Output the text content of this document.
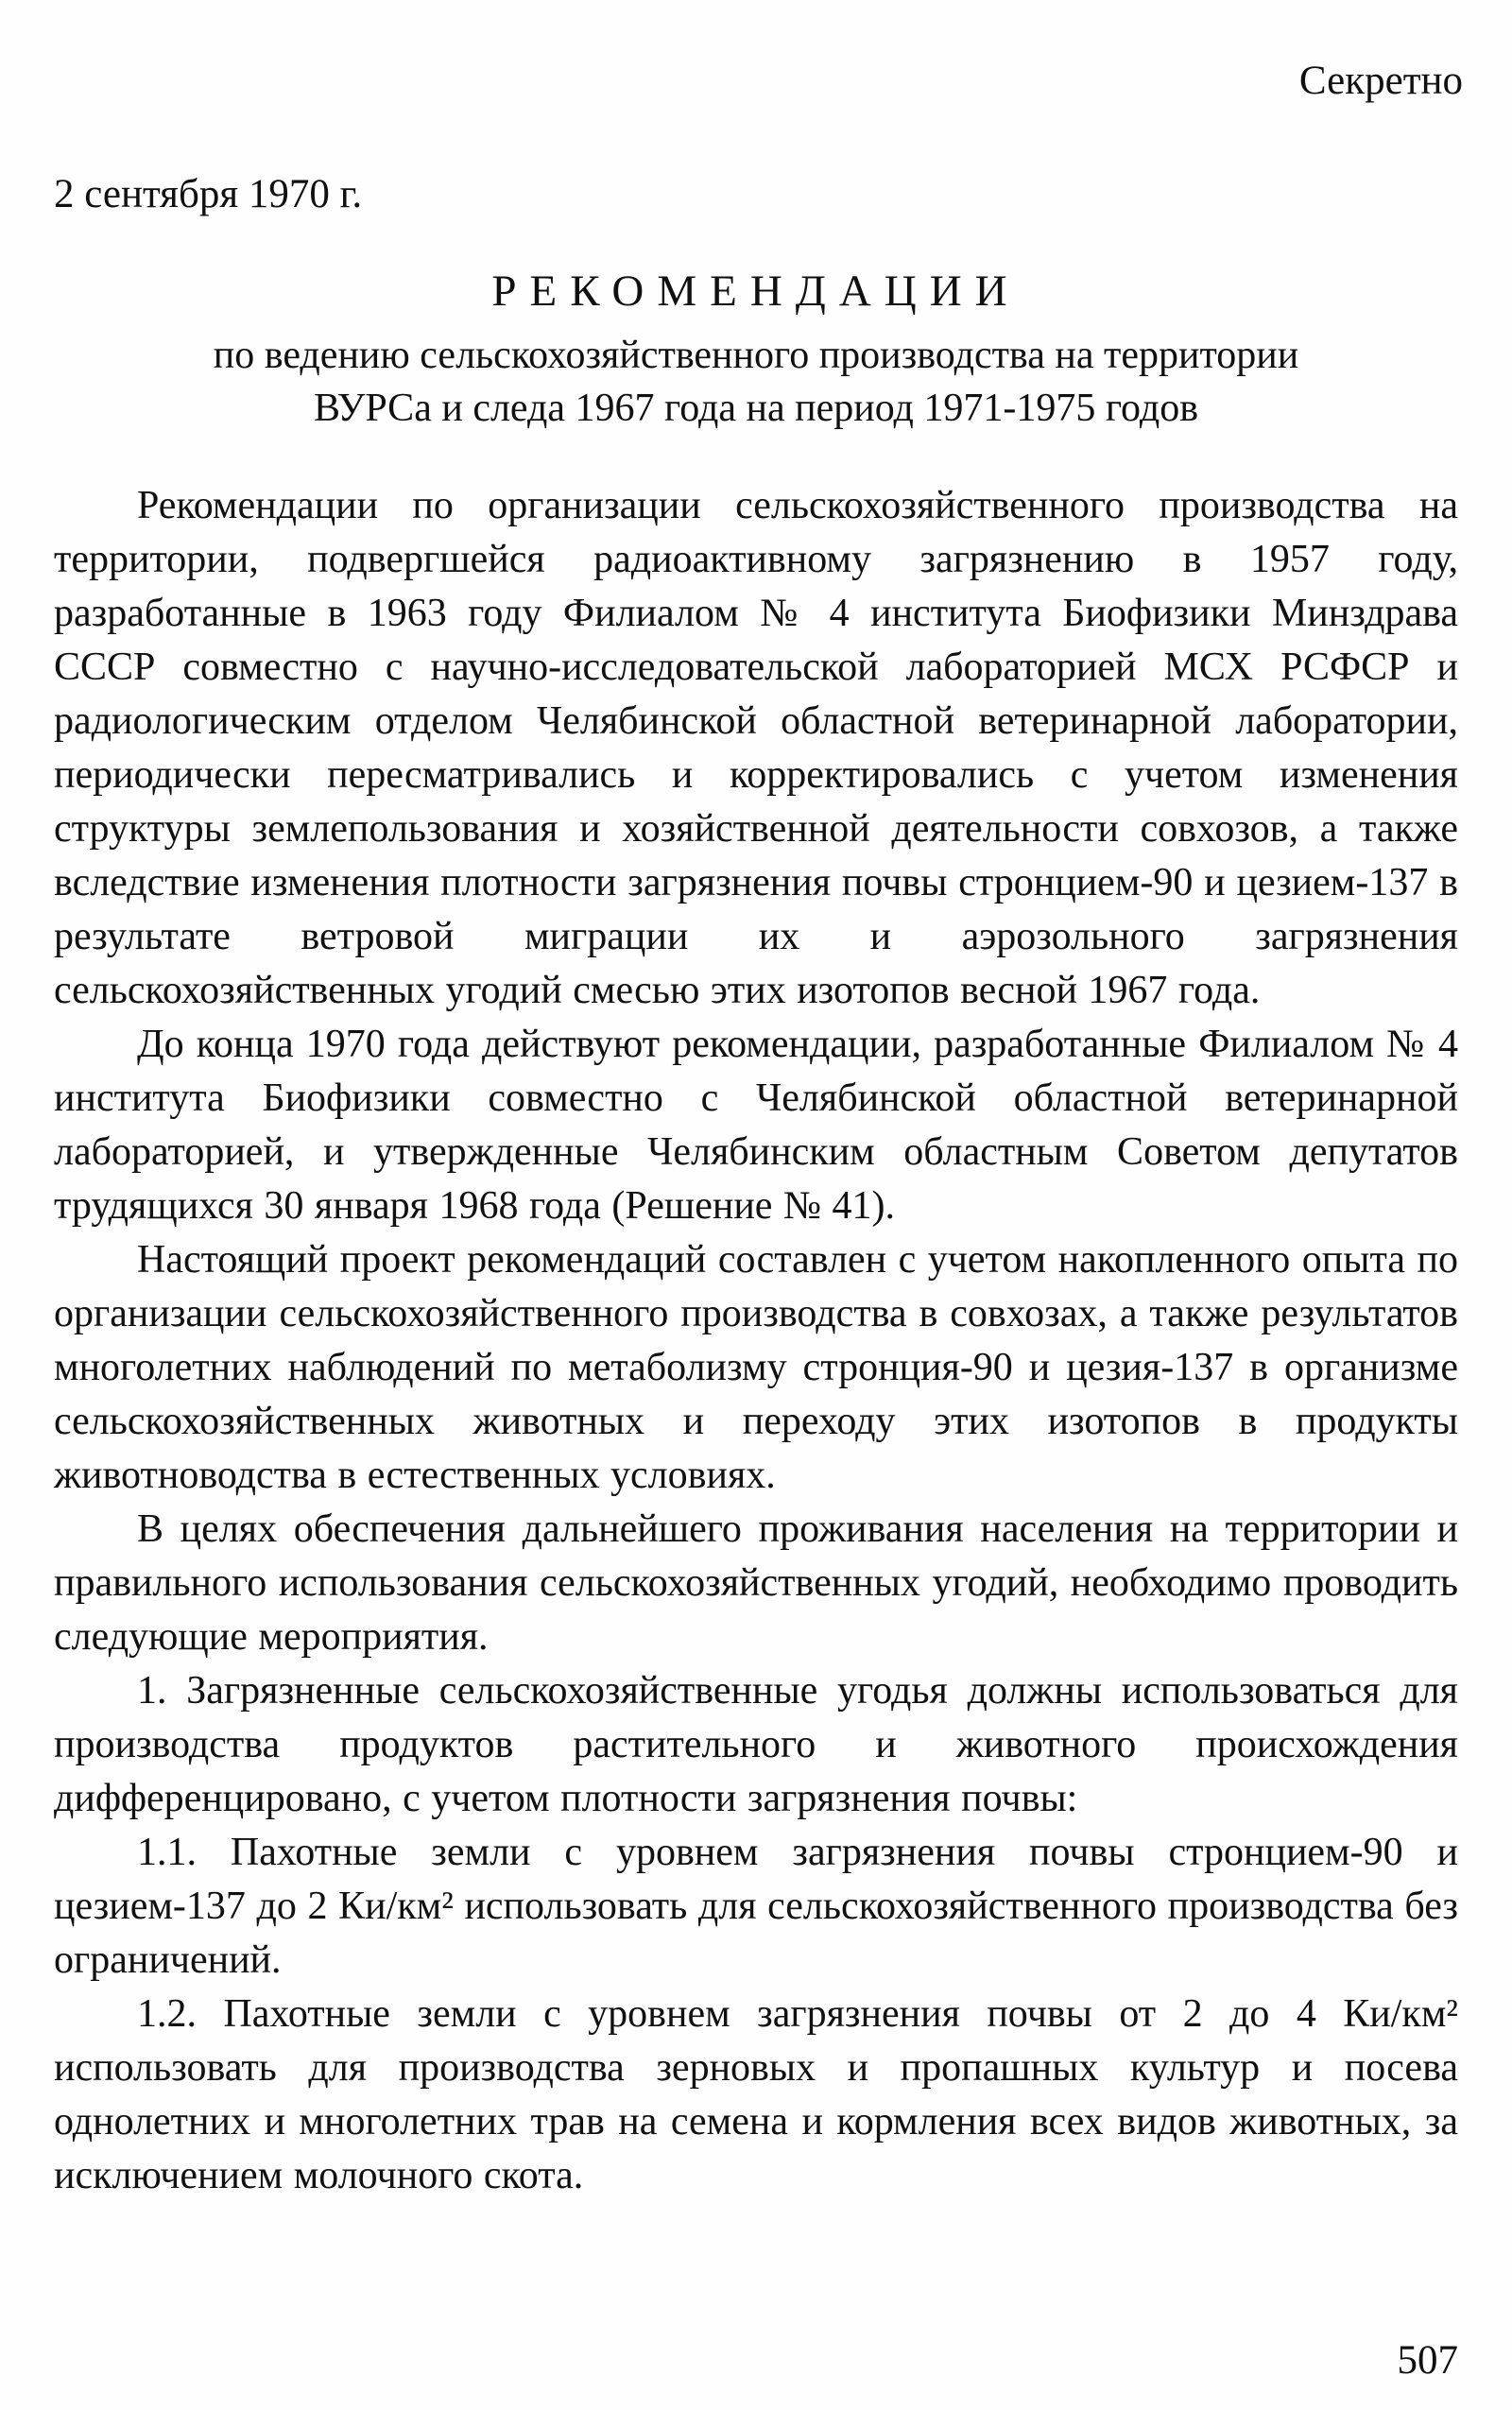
Секретно
2 сентября 1970 г.
РЕКОМЕНДАЦИИ
по ведению сельскохозяйственного производства на территории
ВУРСа и следа 1967 года на период 1971-1975 годов

Рекомендации по организации сельскохозяйственного производства на территории, подвергшейся радиоактивному загрязнению в 1957 году, разработанные в 1963 году Филиалом № 4 института Биофизики Минздрава СССР совместно с научно-исследовательской лабораторией МСХ РСФСР и радиологическим отделом Челябинской областной ветеринарной лаборатории, периодически пересматривались и корректировались с учетом изменения структуры землепользования и хозяйственной деятельности совхозов, а также вследствие изменения плотности загрязнения почвы стронцием-90 и цезием-137 в результате ветровой миграции их и аэрозольного загрязнения сельскохозяйственных угодий смесью этих изотопов весной 1967 года.

До конца 1970 года действуют рекомендации, разработанные Филиалом № 4 института Биофизики совместно с Челябинской областной ветеринарной лабораторией, и утвержденные Челябинским областным Советом депутатов трудящихся 30 января 1968 года (Решение № 41).

Настоящий проект рекомендаций составлен с учетом накопленного опыта по организации сельскохозяйственного производства в совхозах, а также результатов многолетних наблюдений по метаболизму стронция-90 и цезия-137 в организме сельскохозяйственных животных и переходу этих изотопов в продукты животноводства в естественных условиях.

В целях обеспечения дальнейшего проживания населения на территории и правильного использования сельскохозяйственных угодий, необходимо проводить следующие мероприятия.

1. Загрязненные сельскохозяйственные угодья должны использоваться для производства продуктов растительного и животного происхождения дифференцировано, с учетом плотности загрязнения почвы:

1.1. Пахотные земли с уровнем загрязнения почвы стронцием-90 и цезием-137 до 2 Ки/км² использовать для сельскохозяйственного производства без ограничений.

1.2. Пахотные земли с уровнем загрязнения почвы от 2 до 4 Ки/км² использовать для производства зерновых и пропашных культур и посева однолетних и многолетних трав на семена и кормления всех видов животных, за исключением молочного скота.

507
